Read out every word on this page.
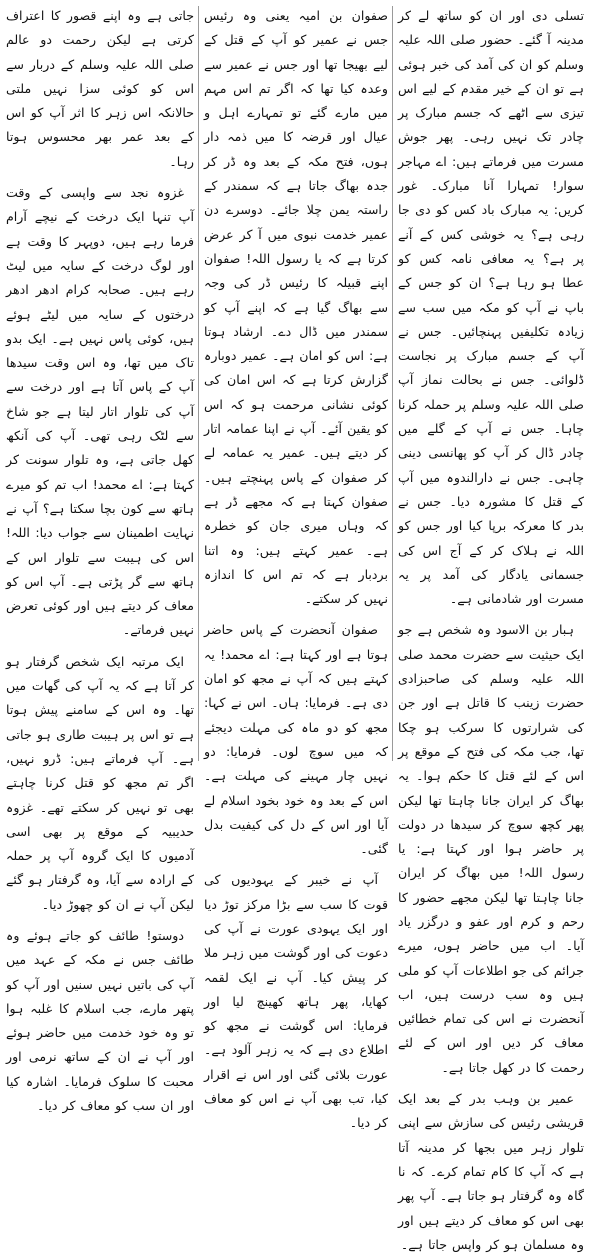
تسلی دی اور ان کو ساتھ لے کر مدینہ آ گئے۔ حضور صلی اللہ علیہ وسلم کو ان کی آمد کی خبر ہوئی ہے تو ان کے خیر مقدم کے لیے اس تیزی سے اٹھے کہ جسم مبارک پر چادر تک نہیں رہی۔ پھر جوش مسرت میں فرماتے ہیں: اے مہاجر سوار! تمہارا آنا مبارک۔ غور کریں: یہ مبارک باد کس کو دی جا رہی ہے؟ یہ خوشی کس کے آنے پر ہے؟ یہ معافی نامہ کس کو عطا ہو رہا ہے؟ ان کو جس کے باپ نے آپ کو مکہ میں سب سے زیادہ تکلیفیں پہنچائیں۔ جس نے آپ کے جسم مبارک پر نجاست ڈلوائی۔ جس نے بحالت نماز آپ صلی اللہ علیہ وسلم پر حملہ کرنا چاہا۔ جس نے آپ کے گلے میں چادر ڈال کر آپ کو پھانسی دینی چاہی۔ جس نے دارالندوہ میں آپ کے قتل کا مشورہ دیا۔ جس نے بدر کا معرکہ برپا کیا اور جس کو اللہ نے ہلاک کر کے آج اس کی جسمانی یادگار کی آمد پر یہ مسرت اور شادمانی ہے۔

ہبار بن الاسود وہ شخص ہے جو ایک حیثیت سے حضرت محمد صلی اللہ علیہ وسلم کی صاحبزادی حضرت زینب کا قاتل ہے اور جن کی شرارتوں کا سرکب ہو چکا تھا، جب مکہ کی فتح کے موقع پر اس کے لئے قتل کا حکم ہوا۔ یہ بھاگ کر ایران جانا چاہتا تھا لیکن پھر کچھ سوچ کر سیدھا در دولت پر حاضر ہوا اور کہتا ہے: یا رسول اللہ! میں بھاگ کر ایران جانا چاہتا تھا لیکن مجھے حضور کا رحم و کرم اور عفو و درگزر یاد آیا۔ اب میں حاضر ہوں، میرے جرائم کی جو اطلاعات آپ کو ملی ہیں وہ سب درست ہیں، اب آنحضرت نے اس کی تمام خطائیں معاف کر دیں اور اس کے لئے رحمت کا در کھل جاتا ہے۔

عمیر بن وہب بدر کے بعد ایک قریشی رئیس کی سازش سے اپنی تلوار زہر میں بجھا کر مدینہ آتا ہے کہ آپ کا کام تمام کرے۔ کہ نا گاہ وہ گرفتار ہو جاتا ہے۔ آپ پھر بھی اس کو معاف کر دیتے ہیں اور وہ مسلمان ہو کر واپس جاتا ہے۔

صفوان بن امیہ یعنی وہ رئیس جس نے عمیر کو آپ کے قتل کے لیے بھیجا تھا اور جس نے عمیر سے وعدہ کیا تھا کہ اگر تم اس مہم میں مارے گئے تو تمہارے اہل و عیال اور قرضہ کا میں ذمہ دار ہوں، فتح مکہ کے بعد وہ ڈر کر جدہ بھاگ جاتا ہے کہ سمندر کے راستہ یمن چلا جائے۔ دوسرے دن عمیر خدمت نبوی میں آ کر عرض کرتا ہے کہ یا رسول اللہ! صفوان اپنے قبیلہ کا رئیس ڈر کی وجہ سے بھاگ گیا ہے کہ اپنے آپ کو سمندر میں ڈال دے۔ ارشاد ہوتا ہے: اس کو امان ہے۔ عمیر دوبارہ گزارش کرتا ہے کہ اس امان کی کوئی نشانی مرحمت ہو کہ اس کو یقین آئے۔ آپ نے اپنا عمامہ اتار کر دیتے ہیں۔ عمیر یہ عمامہ لے کر صفوان کے پاس پہنچتے ہیں۔ صفوان کہتا ہے کہ مجھے ڈر ہے کہ وہاں میری جان کو خطرہ ہے۔ عمیر کہتے ہیں: وہ اتنا بردبار ہے کہ تم اس کا اندازہ نہیں کر سکتے۔

صفوان آنحضرت کے پاس حاضر ہوتا ہے اور کہتا ہے: اے محمد! یہ کہتے ہیں کہ آپ نے مجھ کو امان دی ہے۔ فرمایا: ہاں۔ اس نے کہا: مجھ کو دو ماہ کی مہلت دیجئے کہ میں سوچ لوں۔ فرمایا: دو نہیں چار مہینے کی مہلت ہے۔ اس کے بعد وہ خود بخود اسلام لے آیا اور اس کے دل کی کیفیت بدل گئی۔

آپ نے خیبر کے یہودیوں کی قوت کا سب سے بڑا مرکز توڑ دیا اور ایک یہودی عورت نے آپ کی دعوت کی اور گوشت میں زہر ملا کر پیش کیا۔ آپ نے ایک لقمہ کھایا، پھر ہاتھ کھینچ لیا اور فرمایا: اس گوشت نے مجھ کو اطلاع دی ہے کہ یہ زہر آلود ہے۔ عورت بلائی گئی اور اس نے اقرار کیا، تب بھی آپ نے اس کو معاف کر دیا۔

جاتی ہے وہ اپنے قصور کا اعتراف کرتی ہے لیکن رحمت دو عالم صلی اللہ علیہ وسلم کے دربار سے اس کو کوئی سزا نہیں ملتی حالانکہ اس زہر کا اثر آپ کو اس کے بعد عمر بھر محسوس ہوتا رہا۔

غزوہ نجد سے واپسی کے وقت آپ تنہا ایک درخت کے نیچے آرام فرما رہے ہیں، دوپہر کا وقت ہے اور لوگ درخت کے سایہ میں لیٹ رہے ہیں۔ صحابہ کرام ادھر ادھر درختوں کے سایہ میں لیٹے ہوئے ہیں، کوئی پاس نہیں ہے۔ ایک بدو تاک میں تھا، وہ اس وقت سیدھا آپ کے پاس آتا ہے اور درخت سے آپ کی تلوار اتار لیتا ہے جو شاخ سے لٹک رہی تھی۔ آپ کی آنکھ کھل جاتی ہے، وہ تلوار سونت کر کہتا ہے: اے محمد! اب تم کو میرے ہاتھ سے کون بچا سکتا ہے؟ آپ نے نہایت اطمینان سے جواب دیا: اللہ! اس کی ہیبت سے تلوار اس کے ہاتھ سے گر پڑتی ہے۔ آپ اس کو معاف کر دیتے ہیں اور کوئی تعرض نہیں فرماتے۔

ایک مرتبہ ایک شخص گرفتار ہو کر آتا ہے کہ یہ آپ کی گھات میں تھا۔ وہ اس کے سامنے پیش ہوتا ہے تو اس پر ہیبت طاری ہو جاتی ہے۔ آپ فرماتے ہیں: ڈرو نہیں، اگر تم مجھ کو قتل کرنا چاہتے بھی تو نہیں کر سکتے تھے۔ غزوہ حدیبیہ کے موقع پر بھی اسی آدمیوں کا ایک گروہ آپ پر حملہ کے ارادہ سے آیا، وہ گرفتار ہو گئے لیکن آپ نے ان کو چھوڑ دیا۔

دوستو! طائف کو جاتے ہوئے وہ طائف جس نے مکہ کے عہد میں آپ کی باتیں نہیں سنیں اور آپ کو پتھر مارے، جب اسلام کا غلبہ ہوا تو وہ خود خدمت میں حاضر ہوئے اور آپ نے ان کے ساتھ نرمی اور محبت کا سلوک فرمایا۔ اشارہ کیا اور ان سب کو معاف کر دیا۔
